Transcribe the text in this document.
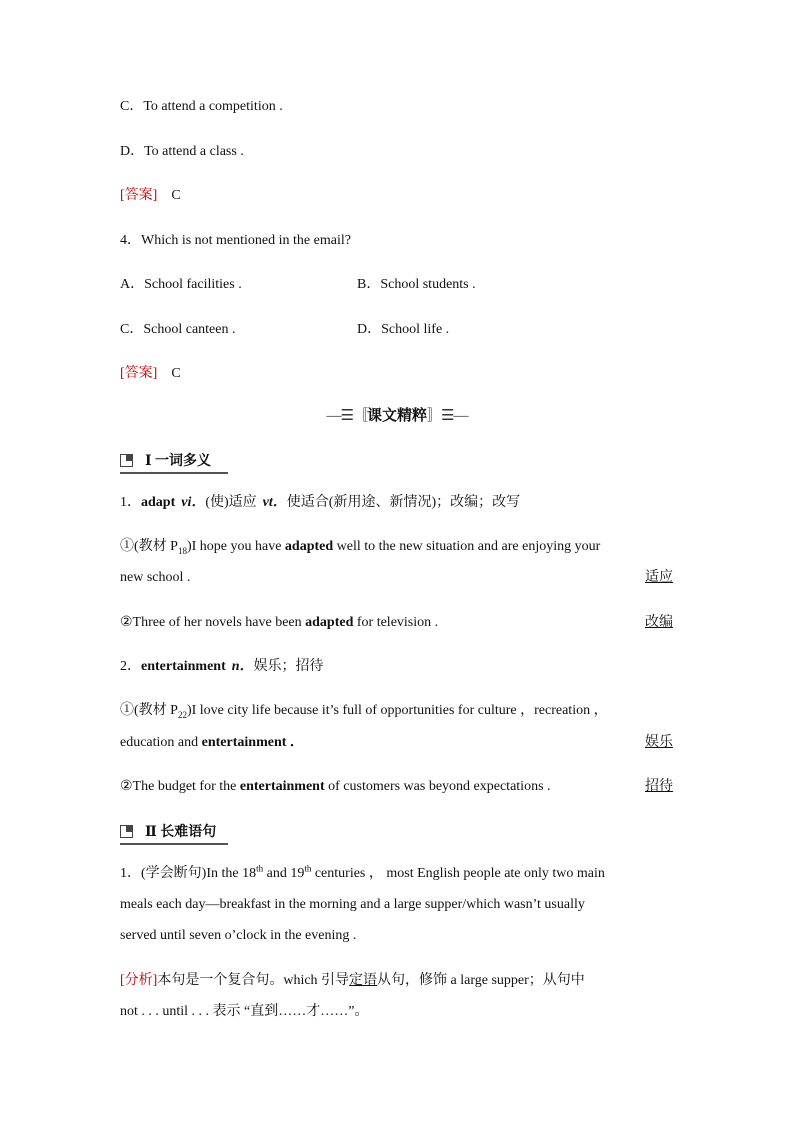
C．To attend a competition .
D．To attend a class .
[答案] C
4．Which is not mentioned in the email?
A．School facilities .	B．School students .
C．School canteen .	D．School life .
[答案] C
—☰〚课文精粹〛☰—
Ⅰ 一词多义
1．adapt vi．(使)适应 vt．使适合(新用途、新情况)；改编；改写
①(教材 $P_{18})I$ hope you have adapted well to the new situation and are enjoying your
new school .	适应
②Three of her novels have been adapted for television .	改编
2．entertainment n．娱乐；招待
①(教材 $P_{22})I$ love city life because it’s full of opportunities for culture ，recreation ，
education and entertainment ．	娱乐
②The budget for the entertainment of customers was beyond expectations .	招待
Ⅱ 长难语句
1．(学会断句)In the 18th and 19th centuries ， most English people ate only two main
meals each day—breakfast in the morning and a large supper/which wasn’t usually
served until seven o’clock in the evening .
[分析]本句是一个复合句。which 引导定语从句，修饰 a large supper；从句中
not . . . until . . . 表示 “直到……才……”。
